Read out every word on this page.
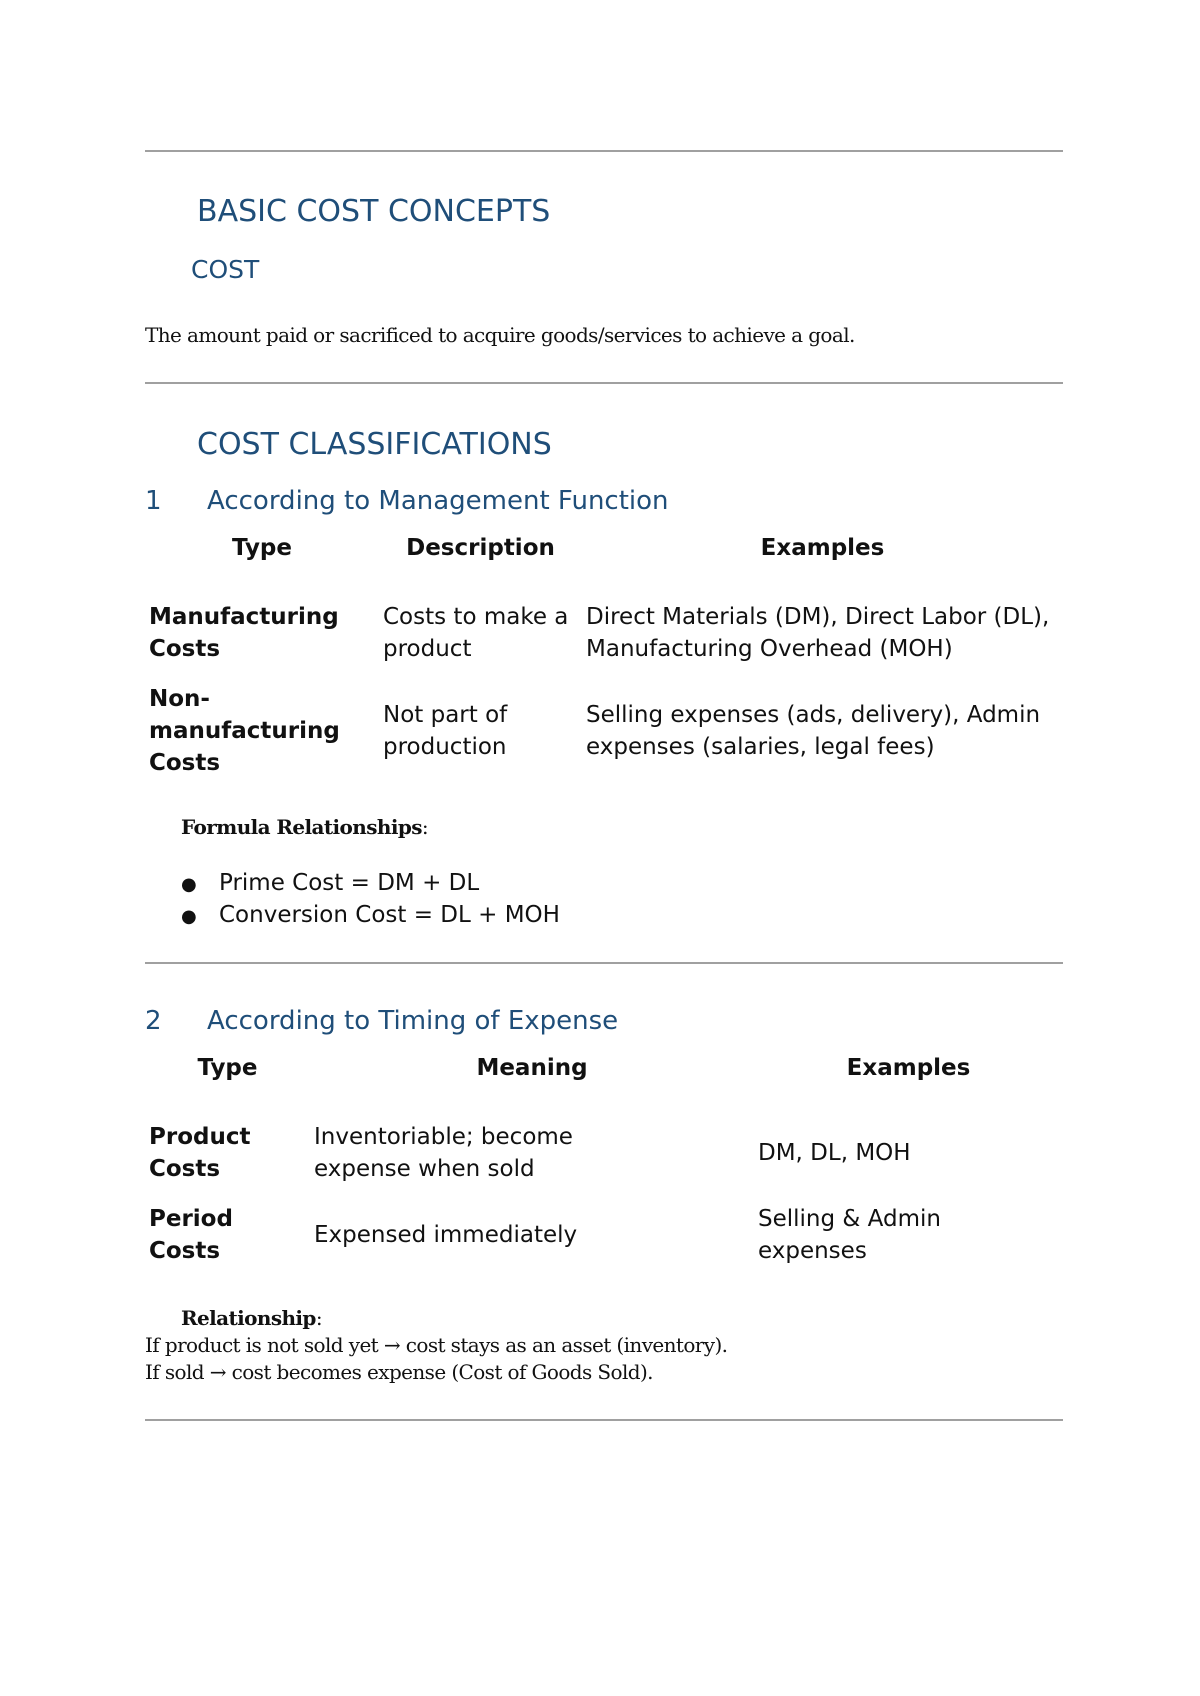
BASIC COST CONCEPTS
COST
The amount paid or sacrificed to acquire goods/services to achieve a goal.
COST CLASSIFICATIONS
1 According to Management Function
Type	Description	Examples

Manufacturing Costs	Costs to make a product	Direct Materials (DM), Direct Labor (DL), Manufacturing Overhead (MOH)

Non-manufacturing Costs	Not part of production	Selling expenses (ads, delivery), Admin expenses (salaries, legal fees)
Formula Relationships:
● Prime Cost = DM + DL
● Conversion Cost = DL + MOH
2 According to Timing of Expense
Type	Meaning	Examples

Product Costs	Inventoriable; become expense when sold	DM, DL, MOH

Period Costs	Expensed immediately	Selling & Admin expenses
Relationship:
If product is not sold yet → cost stays as an asset (inventory).
If sold → cost becomes expense (Cost of Goods Sold).
